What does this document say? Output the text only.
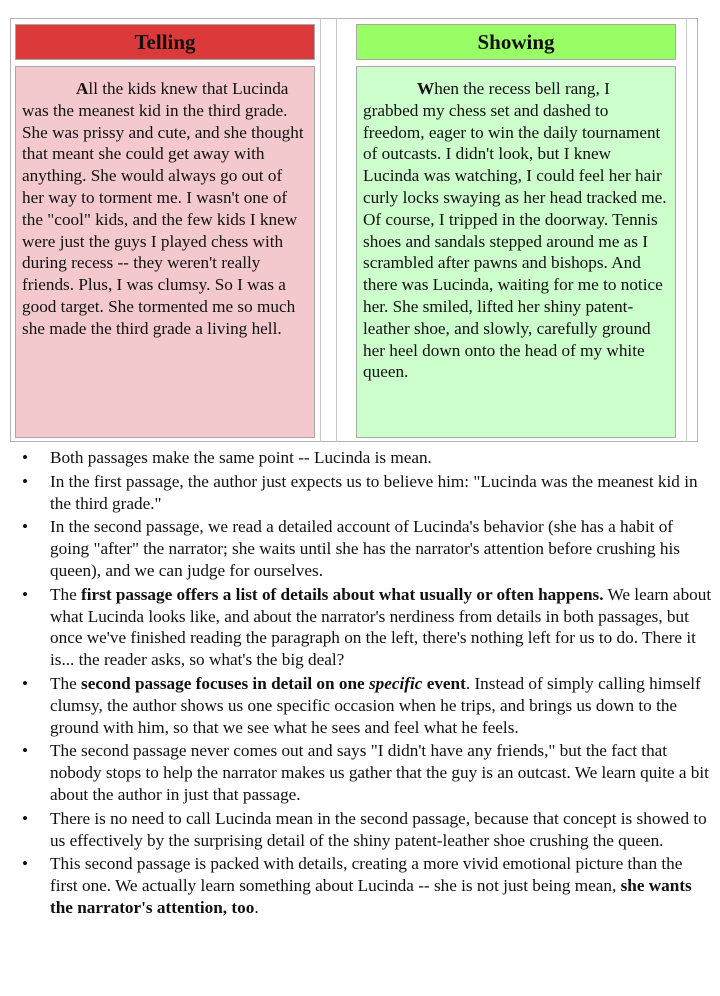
Telling	Showing

All the kids knew that Lucinda was the meanest kid in the third grade. She was prissy and cute, and she thought that meant she could get away with anything. She would always go out of her way to torment me. I wasn't one of the "cool" kids, and the few kids I knew were just the guys I played chess with during recess -- they weren't really friends. Plus, I was clumsy. So I was a good target. She tormented me so much she made the third grade a living hell.

When the recess bell rang, I grabbed my chess set and dashed to freedom, eager to win the daily tournament of outcasts. I didn't look, but I knew Lucinda was watching, I could feel her hair curly locks swaying as her head tracked me. Of course, I tripped in the doorway. Tennis shoes and sandals stepped around me as I scrambled after pawns and bishops. And there was Lucinda, waiting for me to notice her. She smiled, lifted her shiny patent-leather shoe, and slowly, carefully ground her heel down onto the head of my white queen.

• Both passages make the same point -- Lucinda is mean.
• In the first passage, the author just expects us to believe him: "Lucinda was the meanest kid in the third grade."
• In the second passage, we read a detailed account of Lucinda's behavior (she has a habit of going "after" the narrator; she waits until she has the narrator's attention before crushing his queen), and we can judge for ourselves.
• The first passage offers a list of details about what usually or often happens. We learn about what Lucinda looks like, and about the narrator's nerdiness from details in both passages, but once we've finished reading the paragraph on the left, there's nothing left for us to do. There it is... the reader asks, so what's the big deal?
• The second passage focuses in detail on one specific event. Instead of simply calling himself clumsy, the author shows us one specific occasion when he trips, and brings us down to the ground with him, so that we see what he sees and feel what he feels.
• The second passage never comes out and says "I didn't have any friends," but the fact that nobody stops to help the narrator makes us gather that the guy is an outcast. We learn quite a bit about the author in just that passage.
• There is no need to call Lucinda mean in the second passage, because that concept is showed to us effectively by the surprising detail of the shiny patent-leather shoe crushing the queen.
• This second passage is packed with details, creating a more vivid emotional picture than the first one. We actually learn something about Lucinda -- she is not just being mean, she wants the narrator's attention, too.
